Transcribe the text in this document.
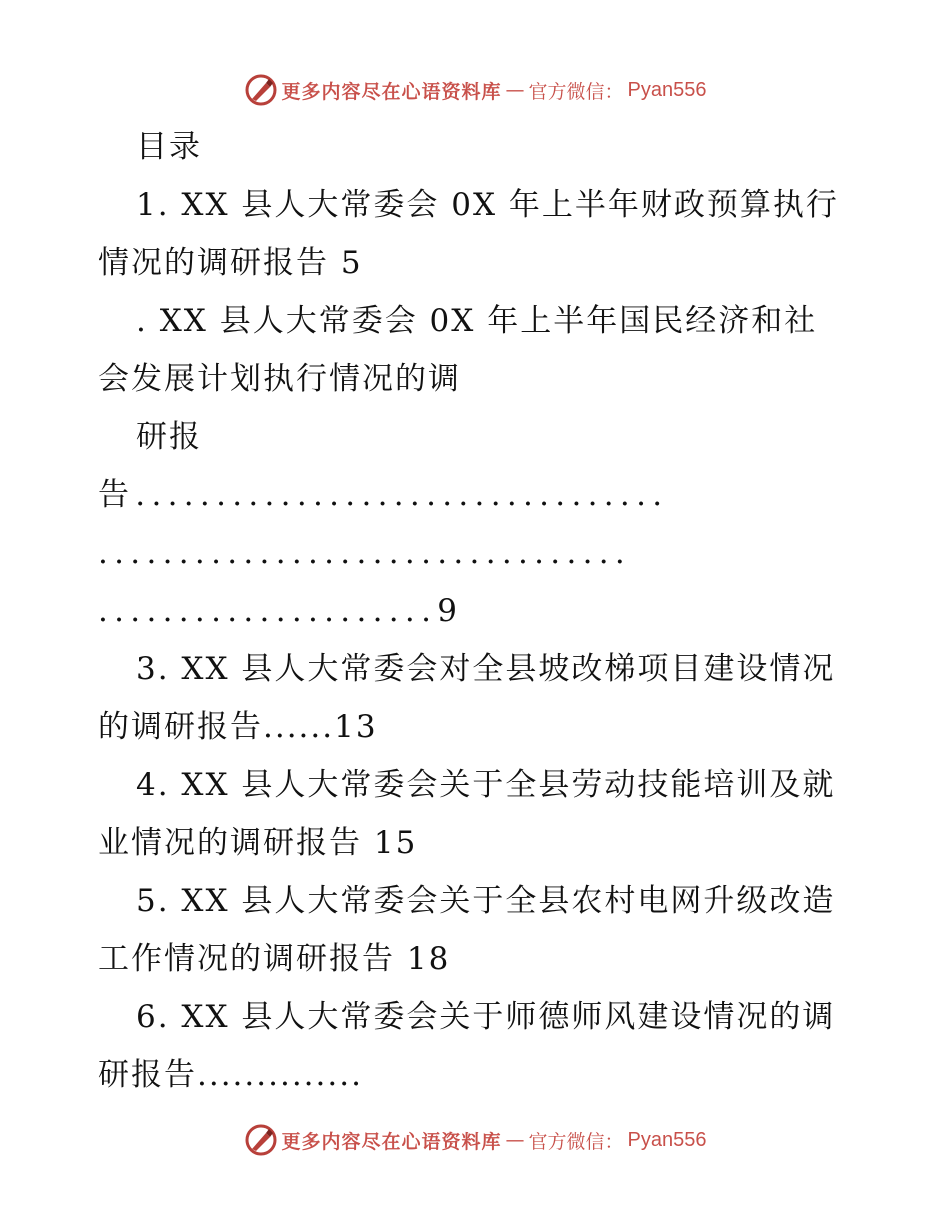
更多内容尽在心语资料库 — 官方微信： Pyan556
目录
1. XX 县人大常委会 0X 年上半年财政预算执行
情况的调研报告 5
. XX 县人大常委会 0X 年上半年国民经济和社
会发展计划执行情况的调
研报
告.................................
.................................
.....................9
3. XX 县人大常委会对全县坡改梯项目建设情况
的调研报告......13
4. XX 县人大常委会关于全县劳动技能培训及就
业情况的调研报告 15
5. XX 县人大常委会关于全县农村电网升级改造
工作情况的调研报告 18
6. XX 县人大常委会关于师德师风建设情况的调
研报告..............
更多内容尽在心语资料库 — 官方微信： Pyan556
